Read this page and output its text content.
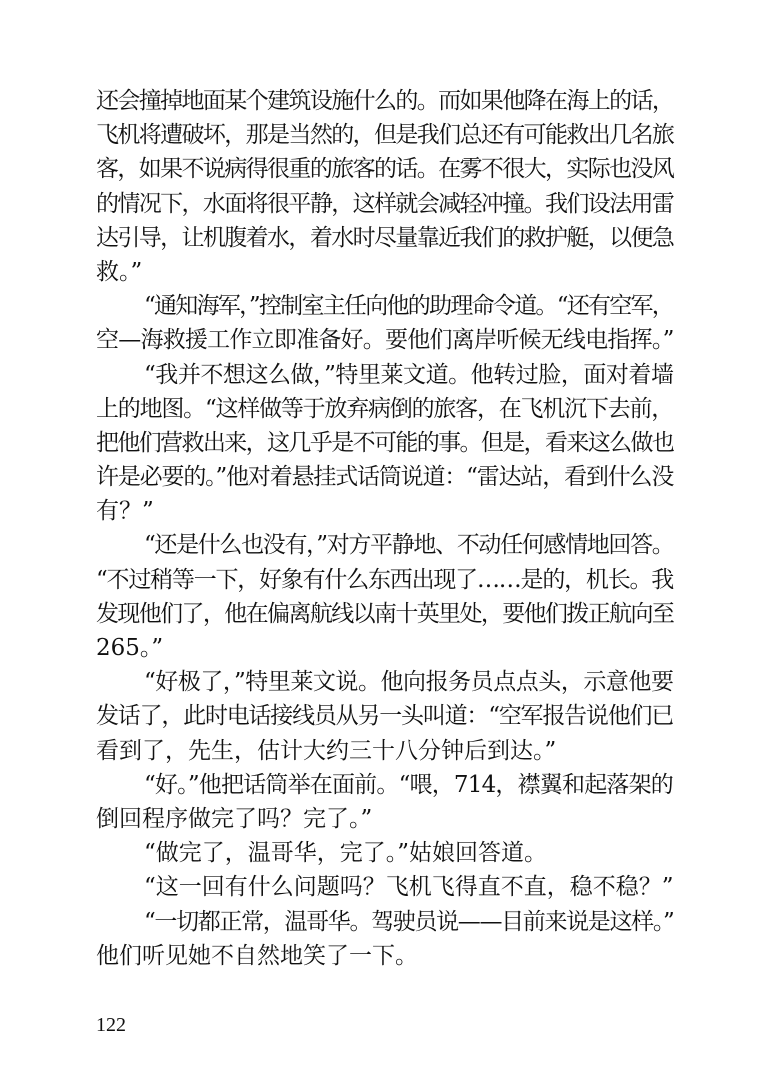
还会撞掉地面某个建筑设施什么的。而如果他降在海上的话，
飞机将遭破坏，那是当然的，但是我们总还有可能救出几名旅
客，如果不说病得很重的旅客的话。在雾不很大，实际也没风
的情况下，水面将很平静，这样就会减轻冲撞。我们设法用雷
达引导，让机腹着水，着水时尽量靠近我们的救护艇，以便急
救。”
“通知海军，”控制室主任向他的助理命令道。“还有空军，
空—海救援工作立即准备好。要他们离岸听候无线电指挥。”
“我并不想这么做，”特里莱文道。他转过脸，面对着墙
上的地图。“这样做等于放弃病倒的旅客，在飞机沉下去前，
把他们营救出来，这几乎是不可能的事。但是，看来这么做也
许是必要的。”他对着悬挂式话筒说道：“雷达站，看到什么没
有？”
“还是什么也没有，”对方平静地、不动任何感情地回答。
“不过稍等一下，好象有什么东西出现了……是的，机长。我
发现他们了，他在偏离航线以南十英里处，要他们拨正航向至
265。”
“好极了，”特里莱文说。他向报务员点点头，示意他要
发话了，此时电话接线员从另一头叫道：“空军报告说他们已
看到了，先生，估计大约三十八分钟后到达。”
“好。”他把话筒举在面前。“喂，714，襟翼和起落架的
倒回程序做完了吗？完了。”
“做完了，温哥华，完了。”姑娘回答道。
“这一回有什么问题吗？飞机飞得直不直，稳不稳？”
“一切都正常，温哥华。驾驶员说——目前来说是这样。”
他们听见她不自然地笑了一下。
122
